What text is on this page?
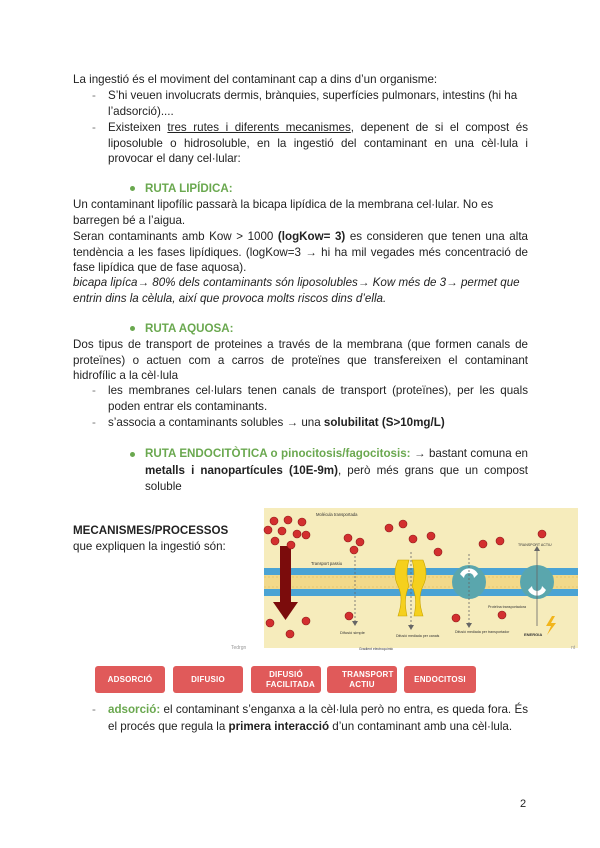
La ingestió és el moviment del contaminant cap a dins d’un organisme:

- S’hi veuen involucrats dermis, brànquies, superfícies pulmonars, intestins (hi ha l’adsorció)....

- Existeixen tres rutes i diferents mecanismes, depenent de si el compost és liposoluble o hidrosoluble, en la ingestió del contaminant en una cèl·lula i provocar el dany cel·lular:

RUTA LIPÍDICA:

Un contaminant lipofílic passarà la bicapa lipídica de la membrana cel·lular. No es barregen bé a l’aigua.

Seran contaminants amb Kow > 1000 (logKow= 3) es consideren que tenen una alta tendència a les fases lipídiques. (logKow=3 → hi ha mil vegades més concentració de fase lipídica que de fase aquosa).

bicapa lipíca→ 80% dels contaminants són liposolubles→ Kow més de 3→ permet que entrin dins la cèlula, així que provoca molts riscos dins d’ella.

RUTA AQUOSA:

Dos tipus de transport de proteines a través de la membrana (que formen canals de proteïnes) o actuen com a carros de proteïnes que transfereixen el contaminant hidrofílic a la cèl·lula

- les membranes cel·lulars tenen canals de transport (proteïnes), per les quals poden entrar els contaminants.

- s’associa a contaminants solubles → una solubilitat (S>10mg/L)

RUTA ENDOCITÒTICA o pinocitosis/fagocitosis: → bastant comuna en metalls i nanopartícules (10E-9m), però més grans que un compost soluble

MECANISMES/PROCESSOS

que expliquen la ingestió són:

Molécula transportada
Transport passiu
Difusió simple
Difusió mediada per canals
Difusió mediada per transportador
Proteïna transportadora
TRANSPORT ACTIU
ENERGIA
Gradient electroquímic
Tedrgn	nt
ADSORCIÓ	DIFUSIO
DIFUSIÓ FACILITADA
TRANSPORT ACTIU
ENDOCITOSI
- adsorció: el contaminant s’enganxa a la cèl·lula però no entra, es queda fora. És el procés que regula la primera interacció d’un contaminant amb una cèl·lula.

2
